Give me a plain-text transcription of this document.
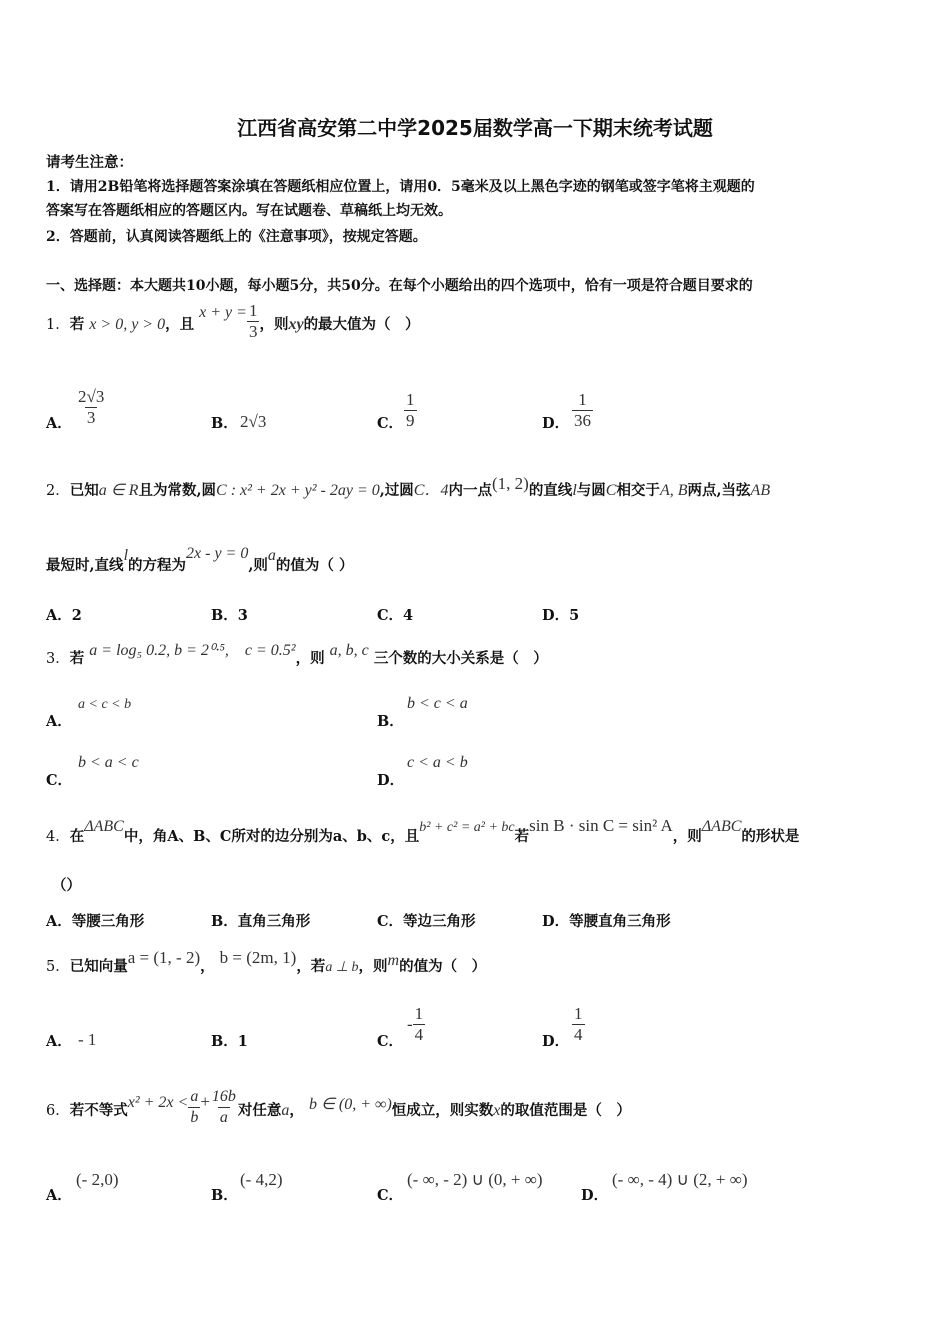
江西省高安第二中学2025届数学高一下期末统考试题
请考生注意：
1．请用2B铅笔将选择题答案涂填在答题纸相应位置上，请用0．5毫米及以上黑色字迹的钢笔或签字笔将主观题的
答案写在答题纸相应的答题区内。写在试题卷、草稿纸上均无效。
2．答题前，认真阅读答题纸上的《注意事项》，按规定答题。
一、选择题：本大题共10小题，每小题5分，共50分。在每个小题给出的四个选项中，恰有一项是符合题目要求的
1．若 x > 0, y > 0，且 $x + y = \frac{1}{3}$ ，则xy的最大值为（　）
A． $\frac{2√3}{3}$	B． 2√3	C． $\frac{1}{9}$	D． $\frac{1}{36}$
2．已知a ∈ R且为常数,圆C : x² + 2x + y² - 2ay = 0,过圆C．4内一点(1, 2)的直线l与圆C相交于A, B两点,当弦AB
最短时,直线l的方程为2x - y = 0,则a的值为（ ）
A．2	B．3	C．4	D．5
3．若 a = log₅ 0.2, b = 2⁰·⁵,　c = 0.5²，则 a, b, c 三个数的大小关系是（　）
A．
a < c < b
B．
b < c < a
C．
b < a < c
D．
c < a < b
4．在ΔABC中，角A、B、C所对的边分别为a、b、c，且b² + c² = a² + bc若sin B · sin C = sin² A，则ΔABC的形状是
（）
A．等腰三角形	B．直角三角形	C．等边三角形	D．等腰直角三角形
5．已知向量a = (1, - 2)， b = (2m, 1)，若a ⊥ b，则m的值为（　）
A． - 1	B．1	C．
- $\frac{1}{4}$	D． $\frac{1}{4}$
6．若不等式$x^2 + 2x < \frac{a}{b} + \frac{16b}{a}$ 对任意a， b ∈ (0, + ∞)恒成立，则实数x的取值范围是（　）
A．
(- 2,0)
B．
(- 4,2)
C．
(- ∞, - 2) ∪ (0, + ∞)
D．
(- ∞, - 4) ∪ (2, + ∞)
